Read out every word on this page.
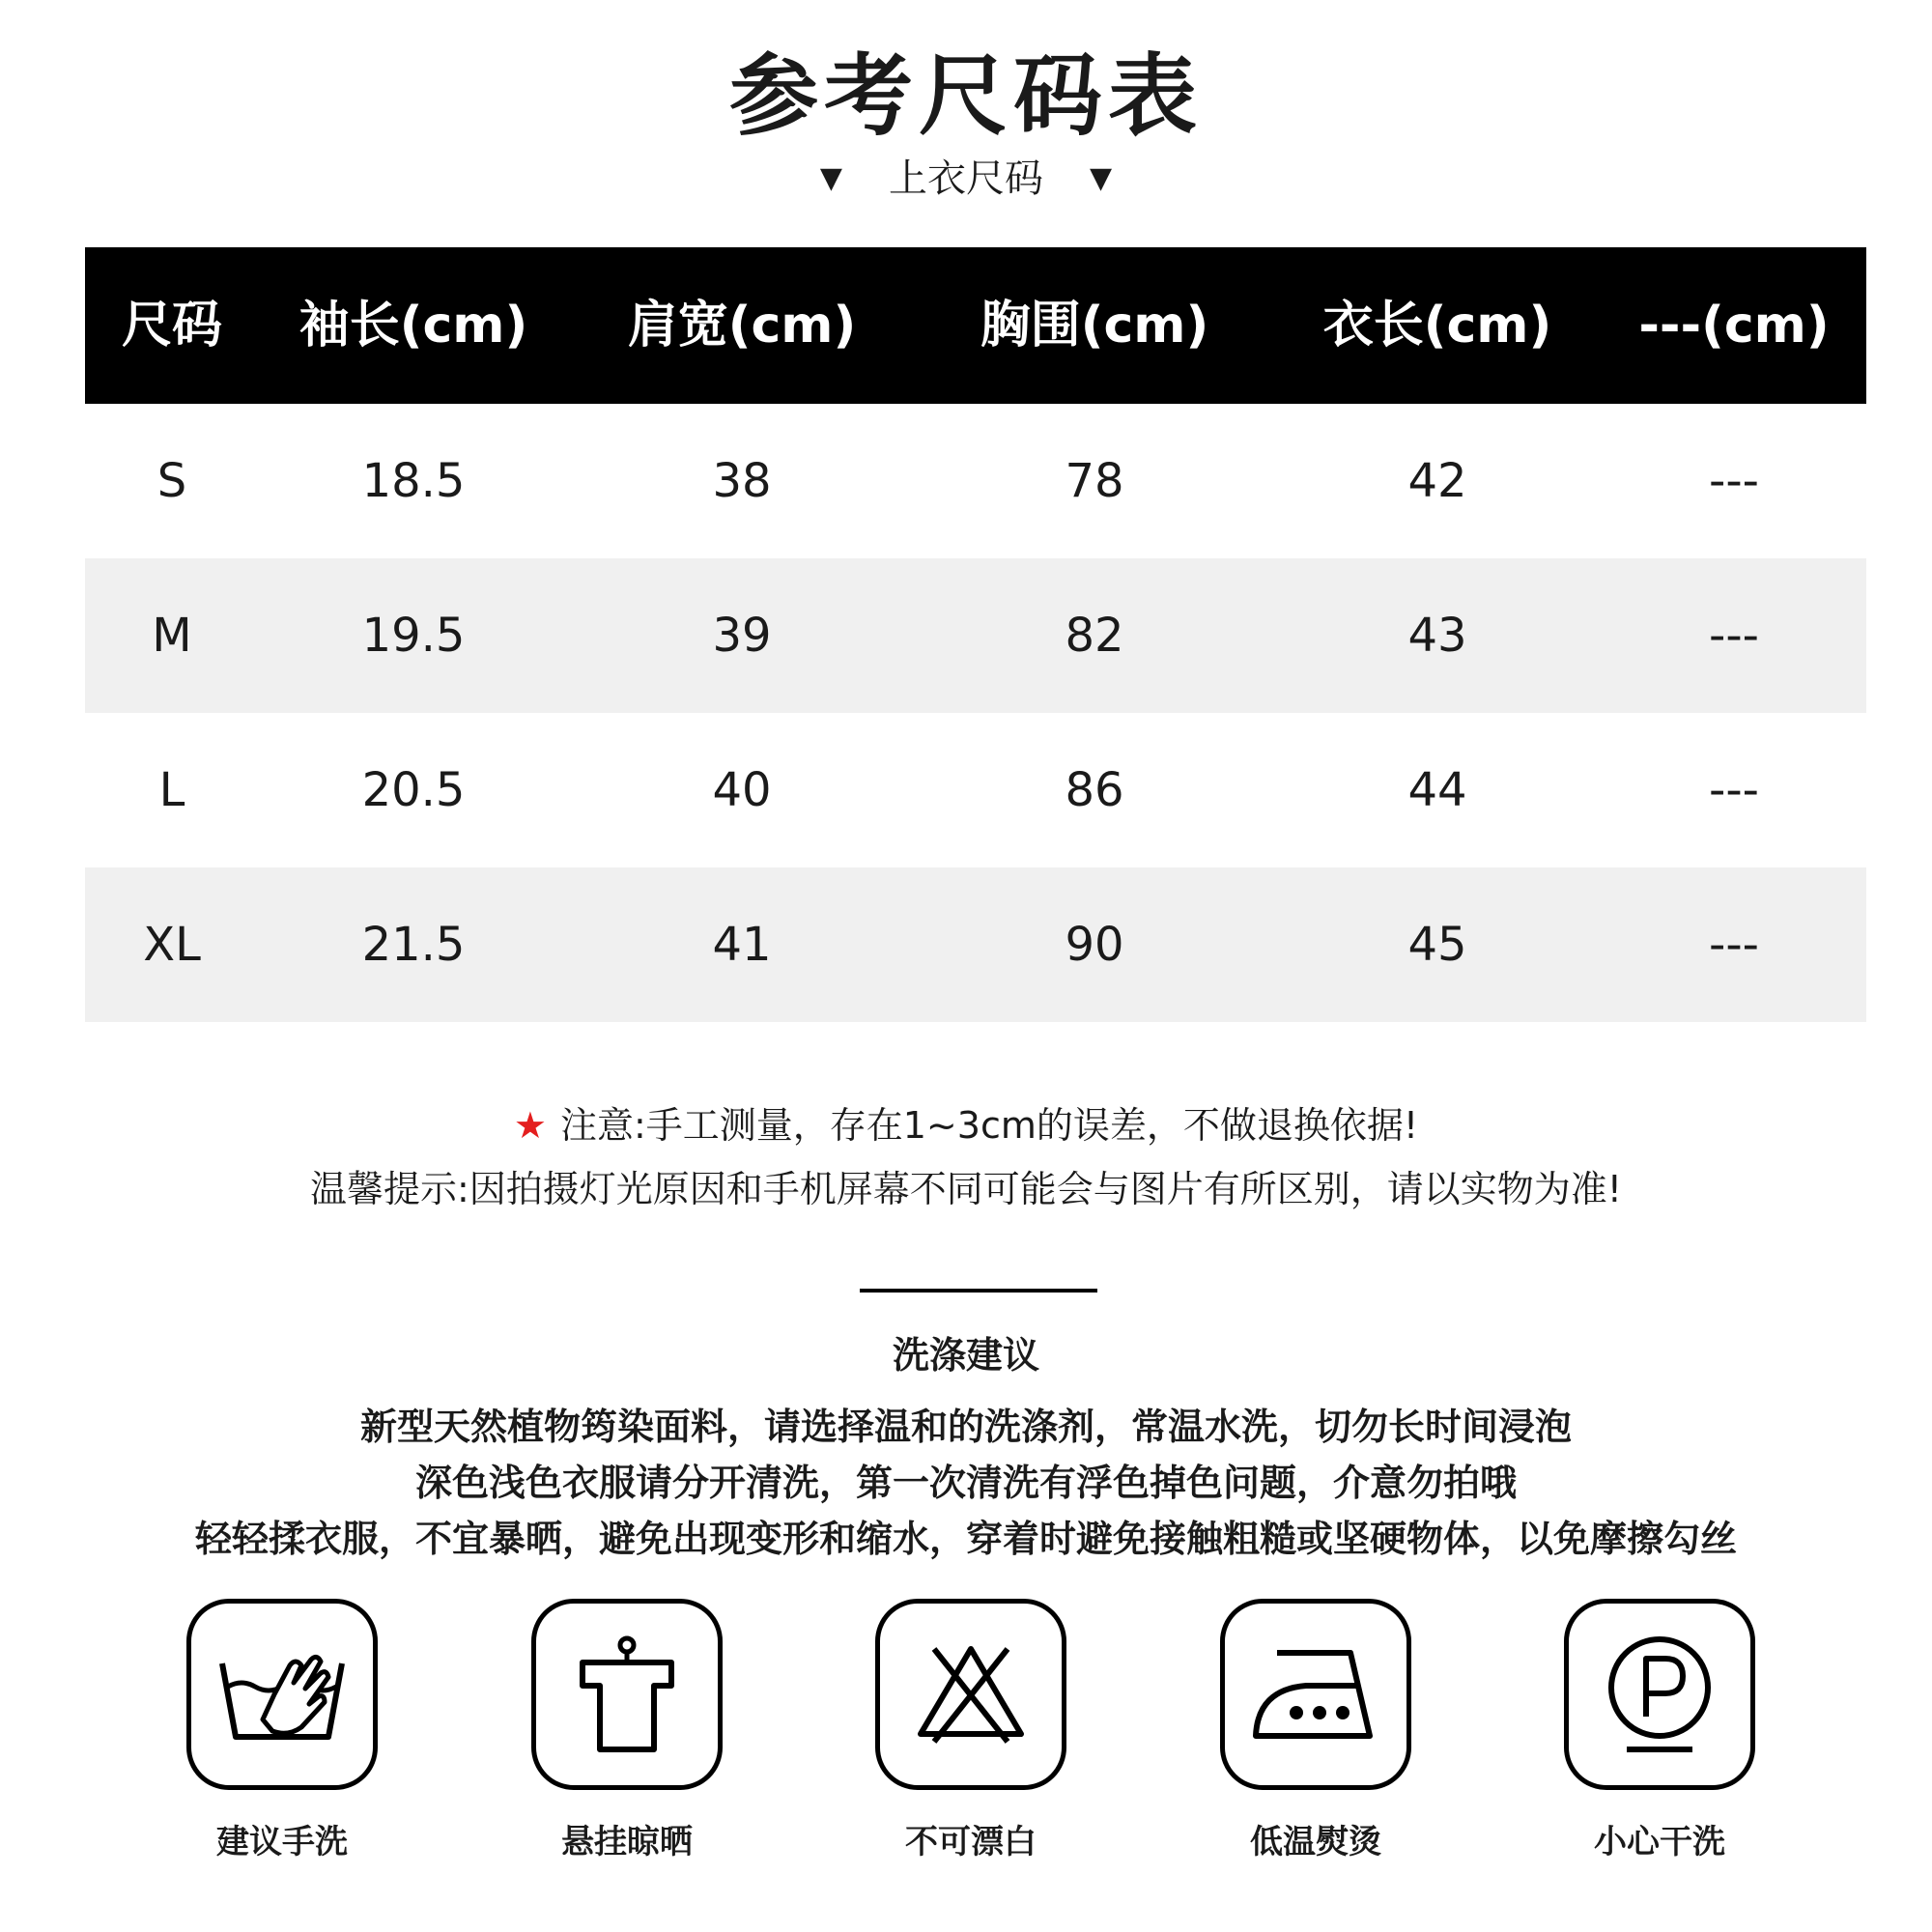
参考尺码表
▼ 上衣尺码 ▼
尺码	袖长(cm)	肩宽(cm)	胸围(cm)	衣长(cm)	---(cm)
S	18.5	38	78	42	---
M	19.5	39	82	43	---
L	20.5	40	86	44	---
XL	21.5	41	90	45	---
★ 注意:手工测量，存在1~3cm的误差，不做退换依据!
温馨提示:因拍摄灯光原因和手机屏幕不同可能会与图片有所区别，请以实物为准!
洗涤建议
新型天然植物筠染面料，请选择温和的洗涤剂，常温水洗，切勿长时间浸泡
深色浅色衣服请分开清洗，第一次清洗有浮色掉色问题，介意勿拍哦
轻轻揉衣服，不宜暴晒，避免出现变形和缩水，穿着时避免接触粗糙或坚硬物体，以免摩擦勾丝
建议手洗	悬挂晾晒	不可漂白	低温熨烫	小心干洗
